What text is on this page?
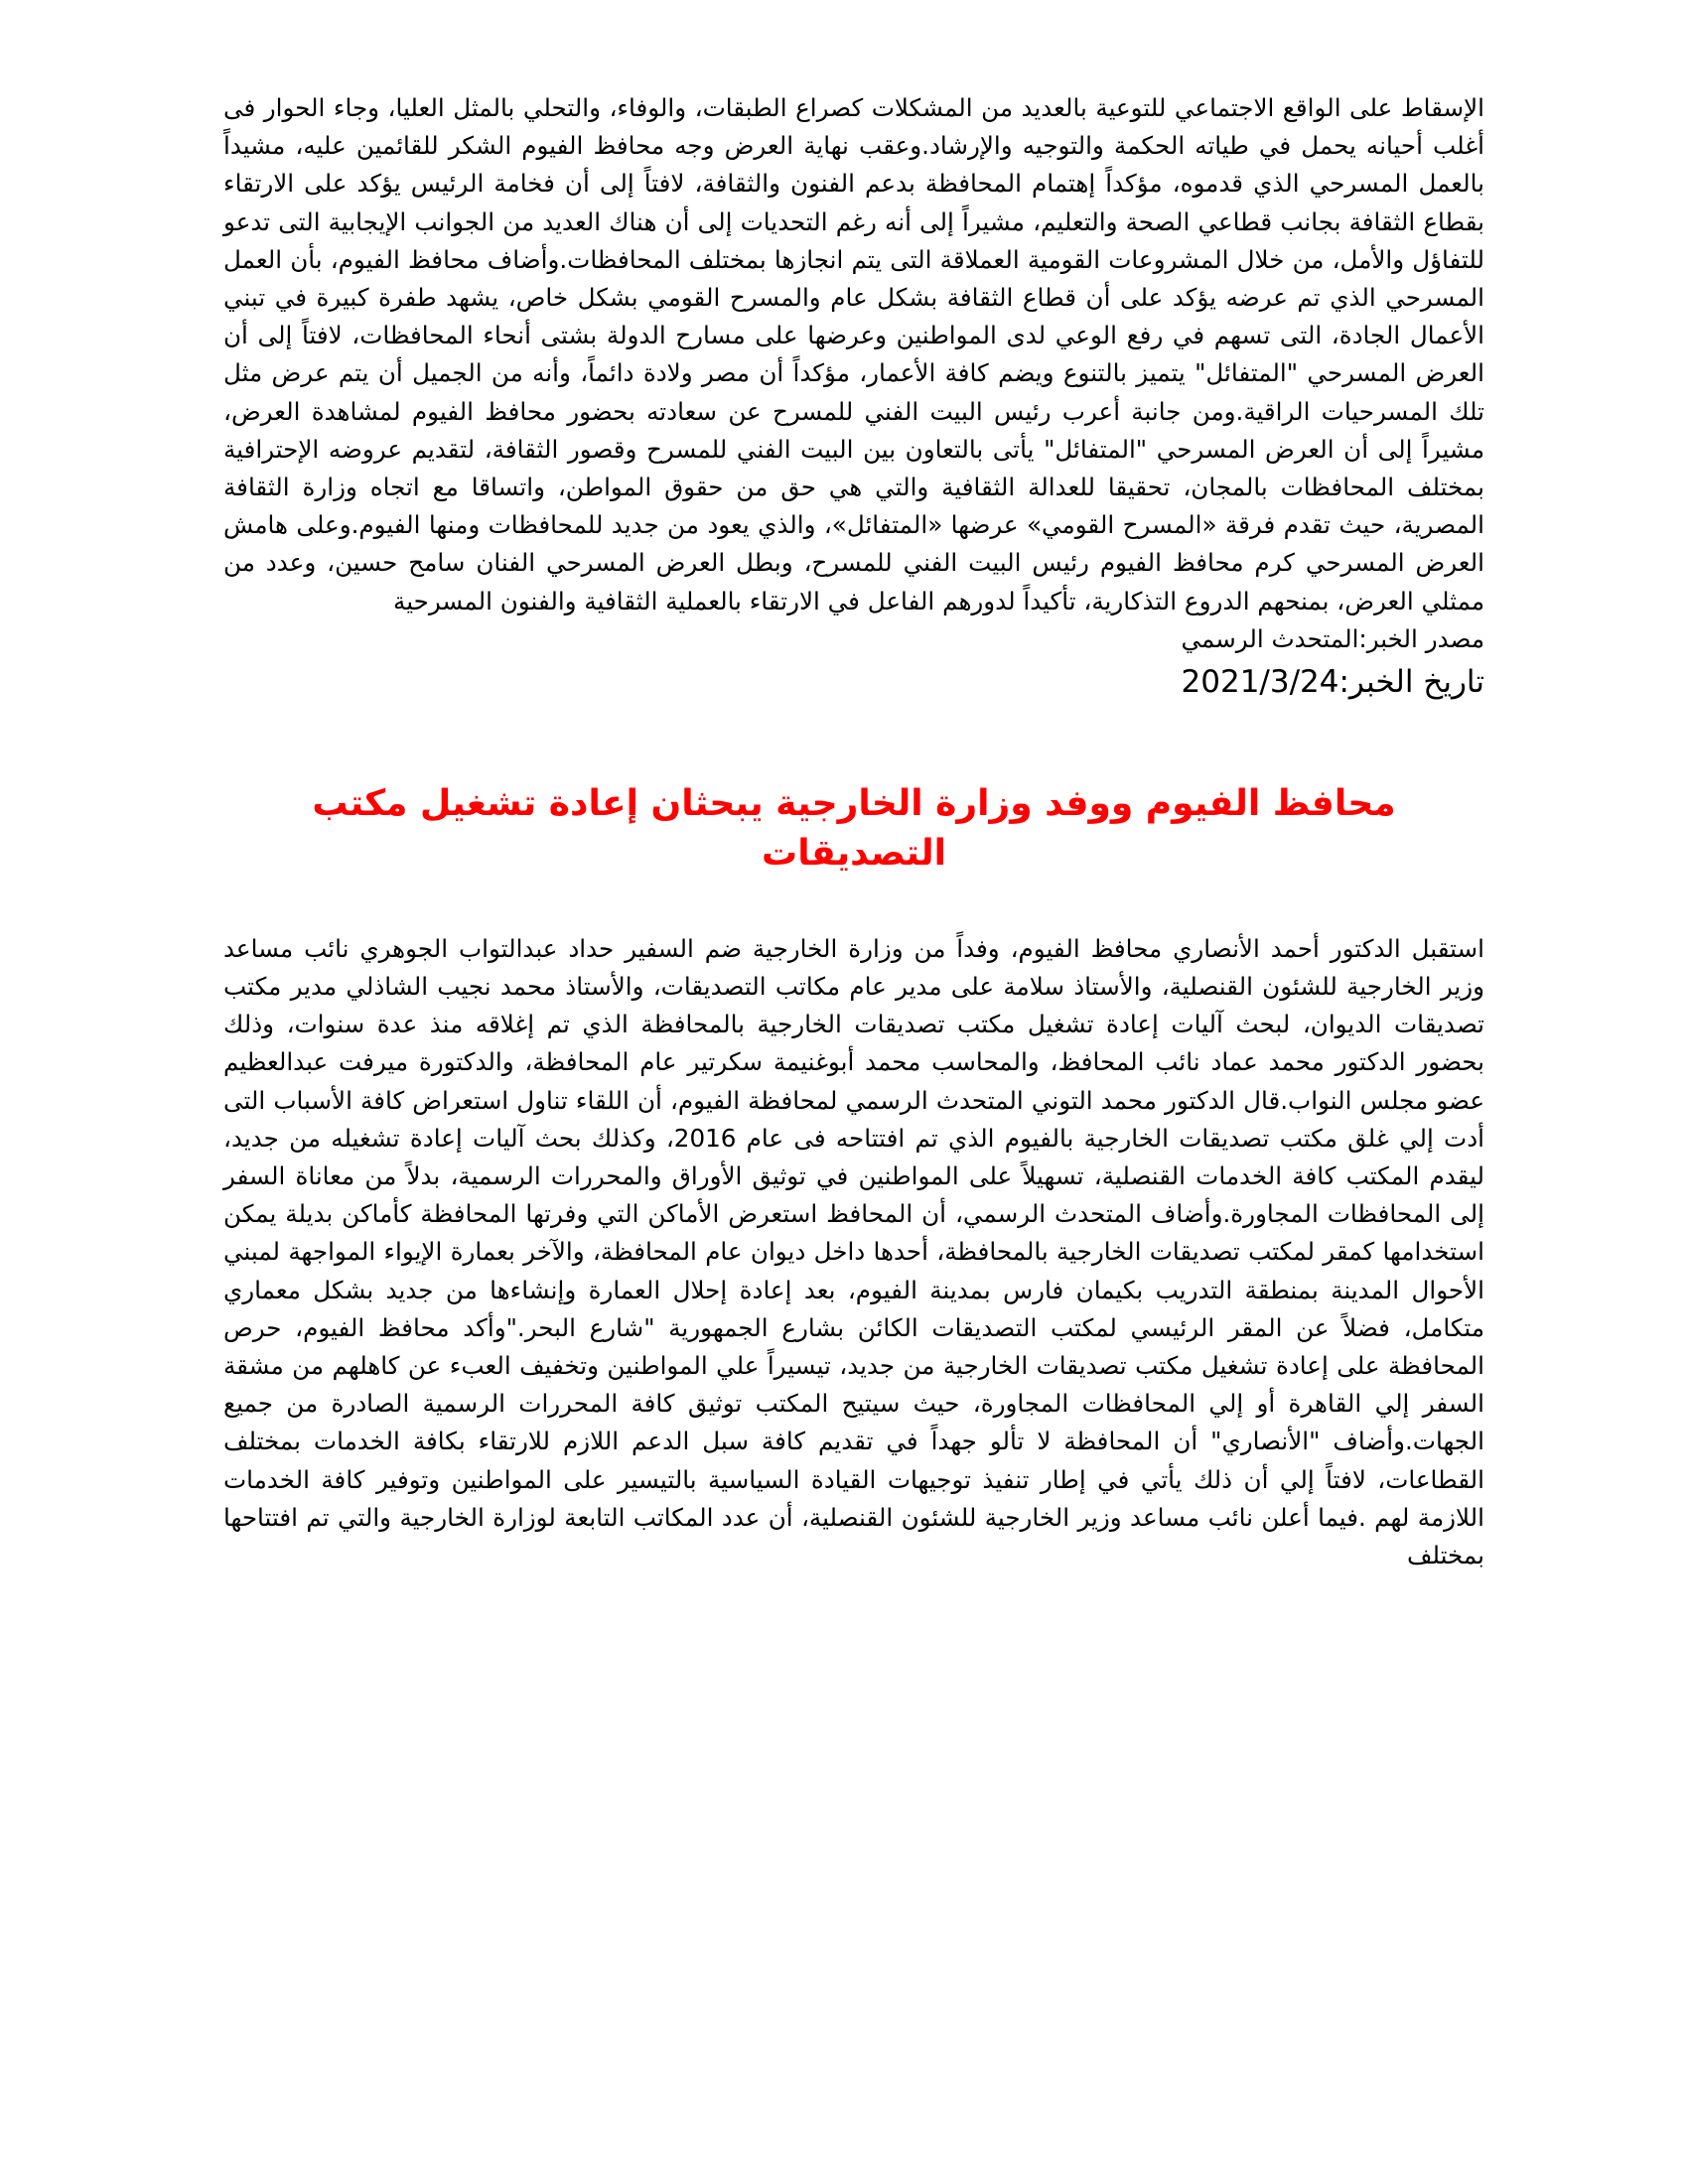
الإسقاط على الواقع الاجتماعي للتوعية بالعديد من المشكلات كصراع الطبقات، والوفاء، والتحلي بالمثل العليا، وجاء الحوار فى أغلب أحيانه يحمل في طياته الحكمة والتوجيه والإرشاد.وعقب نهاية العرض وجه محافظ الفيوم الشكر للقائمين عليه، مشيداً بالعمل المسرحي الذي قدموه، مؤكداً إهتمام المحافظة بدعم الفنون والثقافة، لافتاً إلى أن فخامة الرئيس يؤكد على الارتقاء بقطاع الثقافة بجانب قطاعي الصحة والتعليم، مشيراً إلى أنه رغم التحديات إلى أن هناك العديد من الجوانب الإيجابية التى تدعو للتفاؤل والأمل، من خلال المشروعات القومية العملاقة التى يتم انجازها بمختلف المحافظات.وأضاف محافظ الفيوم، بأن العمل المسرحي الذي تم عرضه يؤكد على أن قطاع الثقافة بشكل عام والمسرح القومي بشكل خاص، يشهد طفرة كبيرة في تبني الأعمال الجادة، التى تسهم في رفع الوعي لدى المواطنين وعرضها على مسارح الدولة بشتى أنحاء المحافظات، لافتاً إلى أن العرض المسرحي "المتفائل" يتميز بالتنوع ويضم كافة الأعمار، مؤكداً أن مصر ولادة دائماً، وأنه من الجميل أن يتم عرض مثل تلك المسرحيات الراقية.ومن جانبة أعرب رئيس البيت الفني للمسرح عن سعادته بحضور محافظ الفيوم لمشاهدة العرض، مشيراً إلى أن العرض المسرحي "المتفائل" يأتى بالتعاون بين البيت الفني للمسرح وقصور الثقافة، لتقديم عروضه الإحترافية بمختلف المحافظات بالمجان، تحقيقا للعدالة الثقافية والتي هي حق من حقوق المواطن، واتساقا مع اتجاه وزارة الثقافة المصرية، حيث تقدم فرقة «المسرح القومي» عرضها «المتفائل»، والذي يعود من جديد للمحافظات ومنها الفيوم.وعلى هامش العرض المسرحي كرم محافظ الفيوم رئيس البيت الفني للمسرح، وبطل العرض المسرحي الفنان سامح حسين، وعدد من ممثلي العرض، بمنحهم الدروع التذكارية، تأكيداً لدورهم الفاعل في الارتقاء بالعملية الثقافية والفنون المسرحية

مصدر الخبر:المتحدث الرسمي

تاريخ الخبر:2021/3/24

محافظ الفيوم ووفد وزارة الخارجية يبحثان إعادة تشغيل مكتب التصديقات

استقبل الدكتور أحمد الأنصاري محافظ الفيوم، وفداً من وزارة الخارجية ضم السفير حداد عبدالتواب الجوهري نائب مساعد وزير الخارجية للشئون القنصلية، والأستاذ سلامة على مدير عام مكاتب التصديقات، والأستاذ محمد نجيب الشاذلي مدير مكتب تصديقات الديوان، لبحث آليات إعادة تشغيل مكتب تصديقات الخارجية بالمحافظة الذي تم إغلاقه منذ عدة سنوات، وذلك بحضور الدكتور محمد عماد نائب المحافظ، والمحاسب محمد أبوغنيمة سكرتير عام المحافظة، والدكتورة ميرفت عبدالعظيم عضو مجلس النواب.قال الدكتور محمد التوني المتحدث الرسمي لمحافظة الفيوم، أن اللقاء تناول استعراض كافة الأسباب التى أدت إلي غلق مكتب تصديقات الخارجية بالفيوم الذي تم افتتاحه فى عام 2016، وكذلك بحث آليات إعادة تشغيله من جديد، ليقدم المكتب كافة الخدمات القنصلية، تسهيلاً على المواطنين في توثيق الأوراق والمحررات الرسمية، بدلاً من معاناة السفر إلى المحافظات المجاورة.وأضاف المتحدث الرسمي، أن المحافظ استعرض الأماكن التي وفرتها المحافظة كأماكن بديلة يمكن استخدامها كمقر لمكتب تصديقات الخارجية بالمحافظة، أحدها داخل ديوان عام المحافظة، والآخر بعمارة الإيواء المواجهة لمبني الأحوال المدينة بمنطقة التدريب بكيمان فارس بمدينة الفيوم، بعد إعادة إحلال العمارة وإنشاءها من جديد بشكل معماري متكامل، فضلاً عن المقر الرئيسي لمكتب التصديقات الكائن بشارع الجمهورية "شارع البحر."وأكد محافظ الفيوم، حرص المحافظة على إعادة تشغيل مكتب تصديقات الخارجية من جديد، تيسيراً علي المواطنين وتخفيف العبء عن كاهلهم من مشقة السفر إلي القاهرة أو إلي المحافظات المجاورة، حيث سيتيح المكتب توثيق كافة المحررات الرسمية الصادرة من جميع الجهات.وأضاف "الأنصاري" أن المحافظة لا تألو جهداً في تقديم كافة سبل الدعم اللازم للارتقاء بكافة الخدمات بمختلف القطاعات، لافتاً إلي أن ذلك يأتي في إطار تنفيذ توجيهات القيادة السياسية بالتيسير على المواطنين وتوفير كافة الخدمات اللازمة لهم .فيما أعلن نائب مساعد وزير الخارجية للشئون القنصلية، أن عدد المكاتب التابعة لوزارة الخارجية والتي تم افتتاحها بمختلف
